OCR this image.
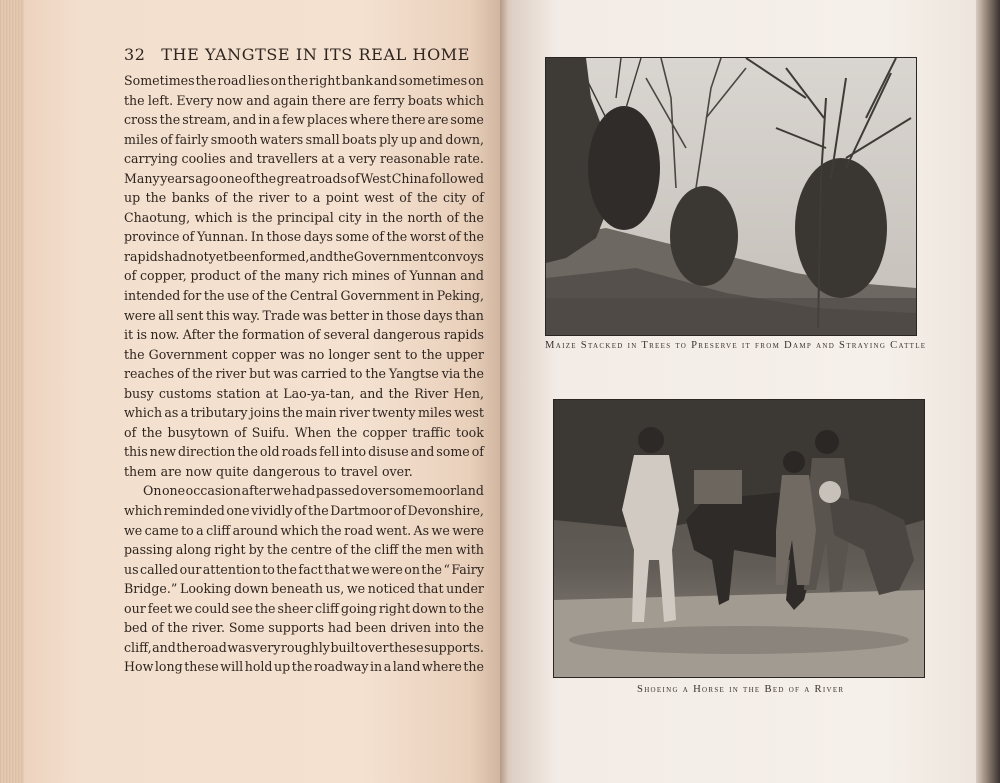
32 THE YANGTSE IN ITS REAL HOME
Sometimes the road lies on the right bank and sometimes on
the left. Every now and again there are ferry boats which
cross the stream, and in a few places where there are some
miles of fairly smooth waters small boats ply up and down,
carrying coolies and travellers at a very reasonable rate.
Many years ago one of the great roads of West China followed
up the banks of the river to a point west of the city of
Chaotung, which is the principal city in the north of the
province of Yunnan. In those days some of the worst of the
rapids had not yet been formed, and the Government convoys
of copper, product of the many rich mines of Yunnan and
intended for the use of the Central Government in Peking,
were all sent this way. Trade was better in those days than
it is now. After the formation of several dangerous rapids
the Government copper was no longer sent to the upper
reaches of the river but was carried to the Yangtse via the
busy customs station at Lao-ya-tan, and the River Hen,
which as a tributary joins the main river twenty miles west
of the busytown of Suifu. When the copper traffic took
this new direction the old roads fell into disuse and some of
them are now quite dangerous to travel over.
On one occasion after we had passed over some moorland
which reminded one vividly of the Dartmoor of Devonshire,
we came to a cliff around which the road went. As we were
passing along right by the centre of the cliff the men with
us called our attention to the fact that we were on the “ Fairy
Bridge.” Looking down beneath us, we noticed that under
our feet we could see the sheer cliff going right down to the
bed of the river. Some supports had been driven into the
cliff, and the road was very roughly built over these supports.
How long these will hold up the roadway in a land where the
Maize Stacked in Trees to Preserve it from Damp and Straying Cattle
Shoeing a Horse in the Bed of a River
